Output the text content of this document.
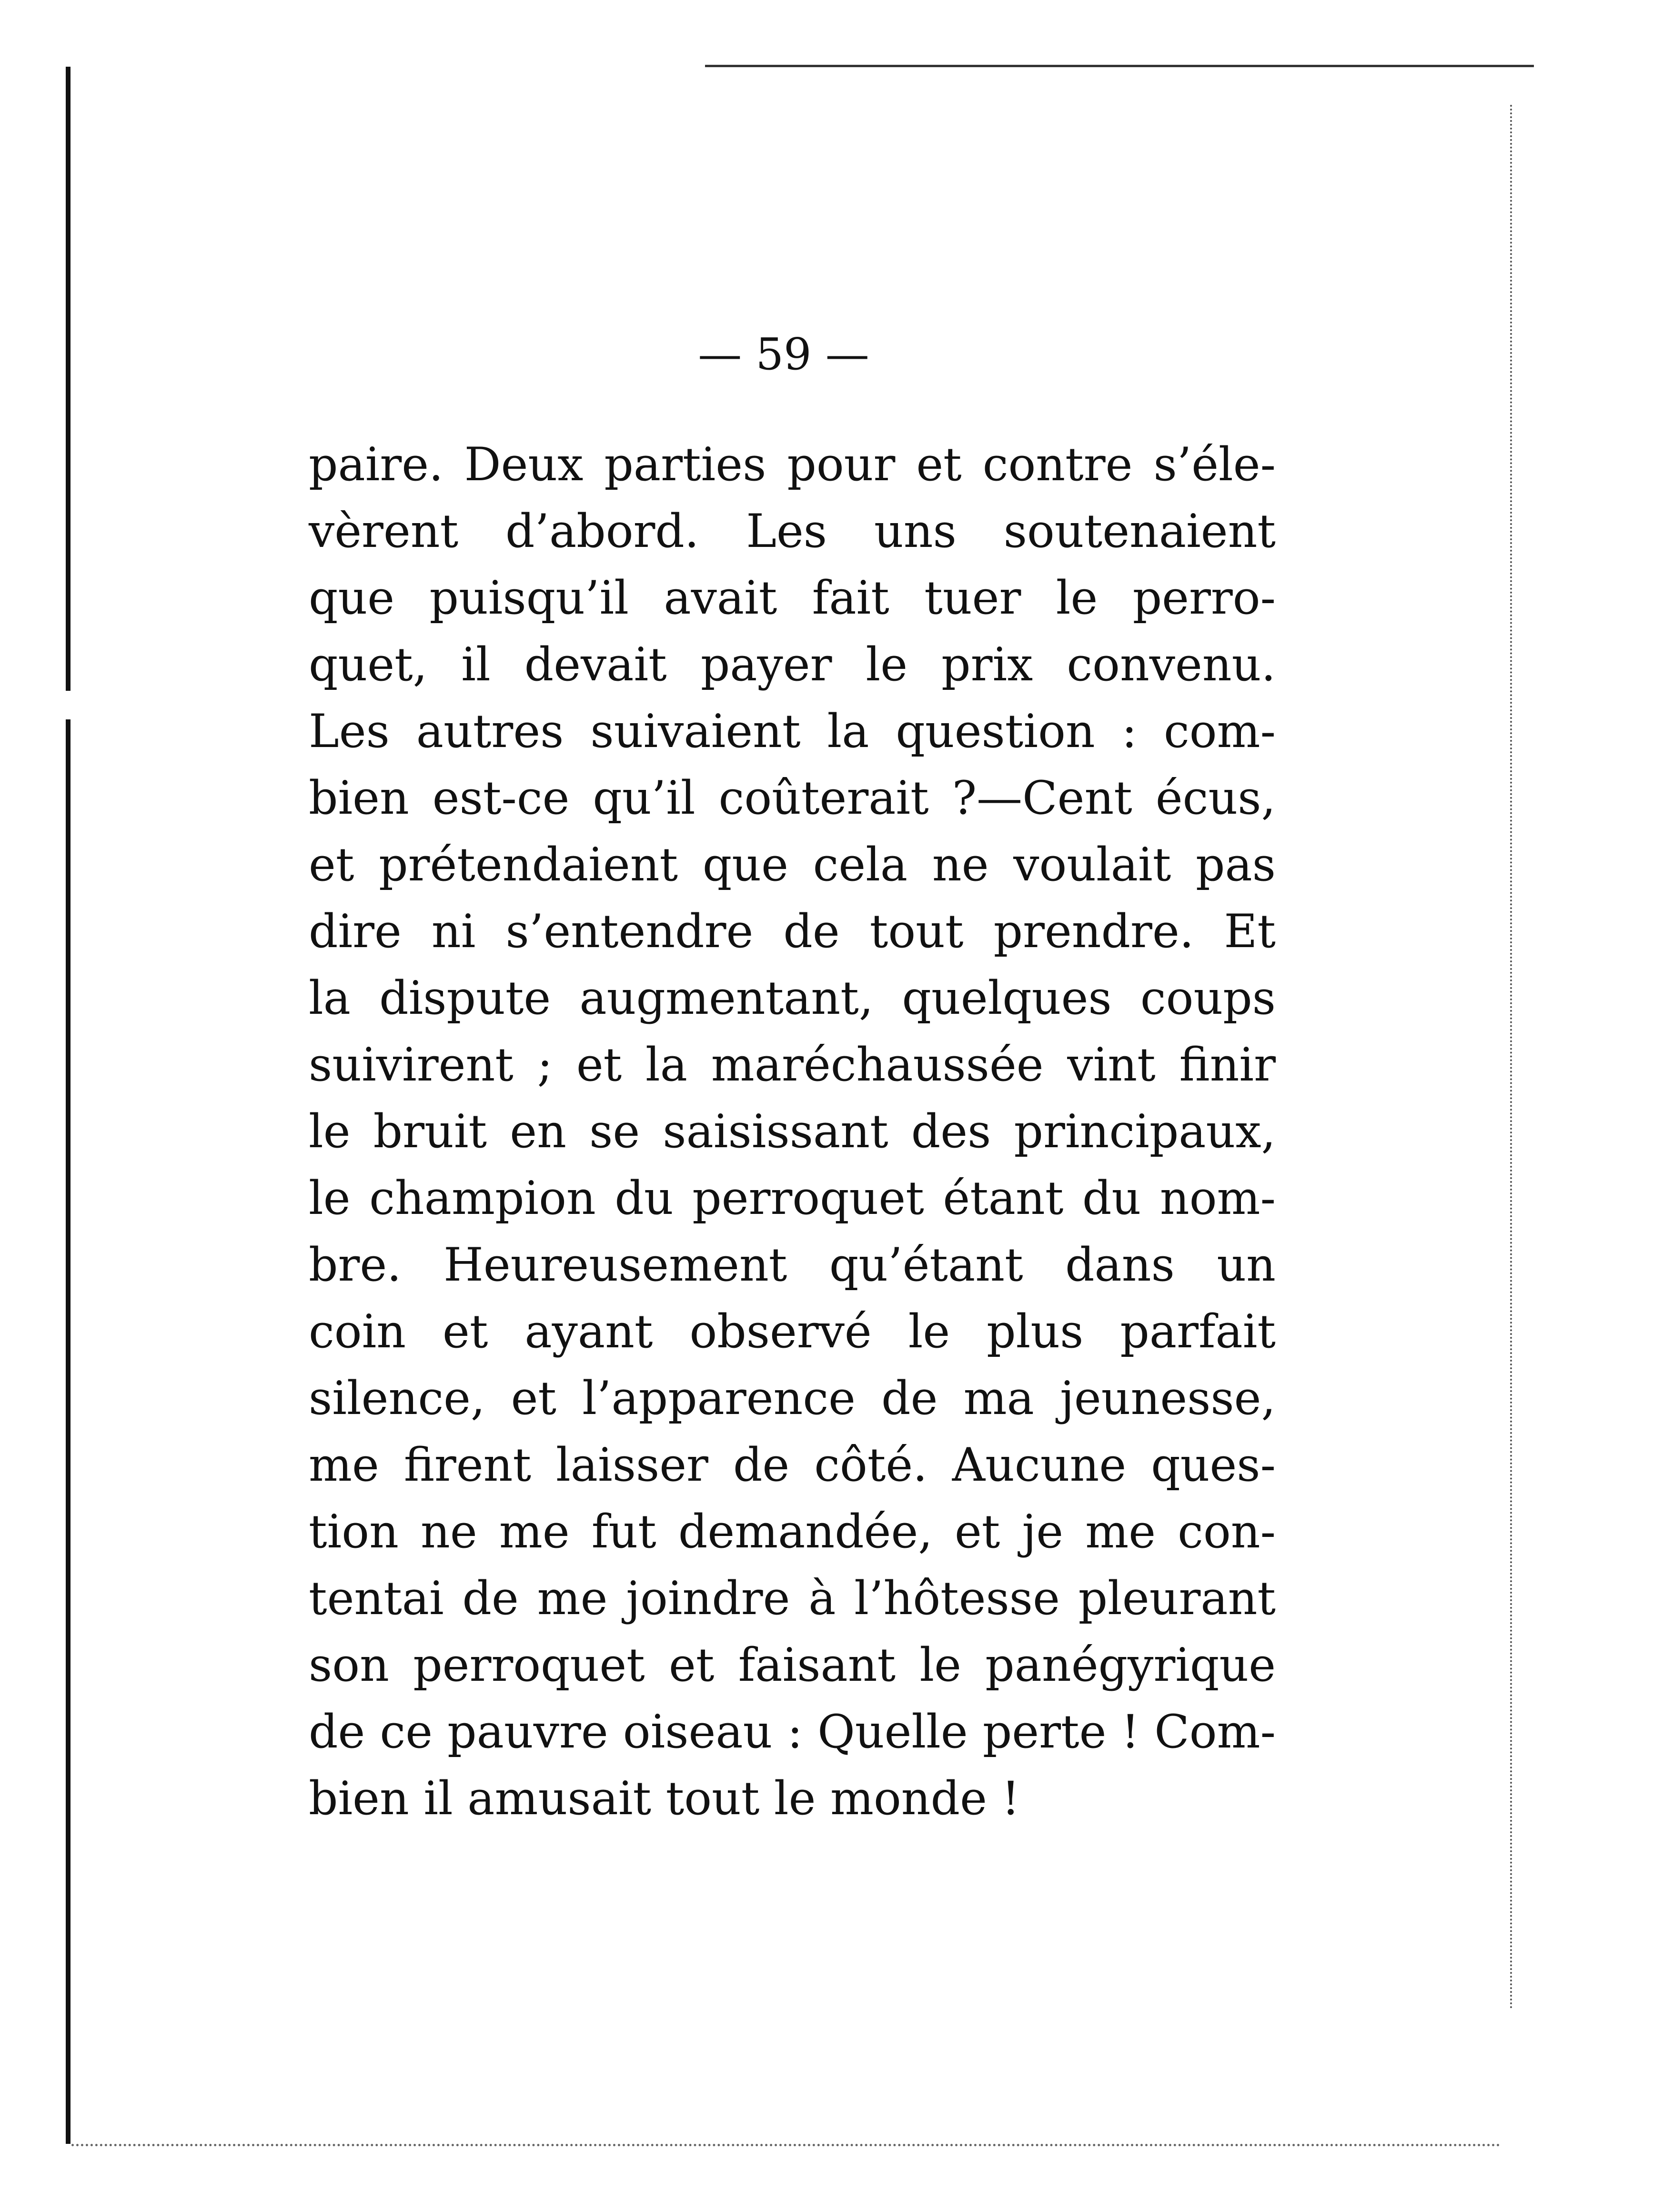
— 59 —
paire. Deux parties pour et contre s’éle-
vèrent d’abord. Les uns soutenaient
que puisqu’il avait fait tuer le perro-
quet, il devait payer le prix convenu.
Les autres suivaient la question : com-
bien est-ce qu’il coûterait ?—Cent écus,
et prétendaient que cela ne voulait pas
dire ni s’entendre de tout prendre. Et
la dispute augmentant, quelques coups
suivirent ; et la maréchaussée vint finir
le bruit en se saisissant des principaux,
le champion du perroquet étant du nom-
bre. Heureusement qu’étant dans un
coin et ayant observé le plus parfait
silence, et l’apparence de ma jeunesse,
me firent laisser de côté. Aucune ques-
tion ne me fut demandée, et je me con-
tentai de me joindre à l’hôtesse pleurant
son perroquet et faisant le panégyrique
de ce pauvre oiseau : Quelle perte ! Com-
bien il amusait tout le monde !
